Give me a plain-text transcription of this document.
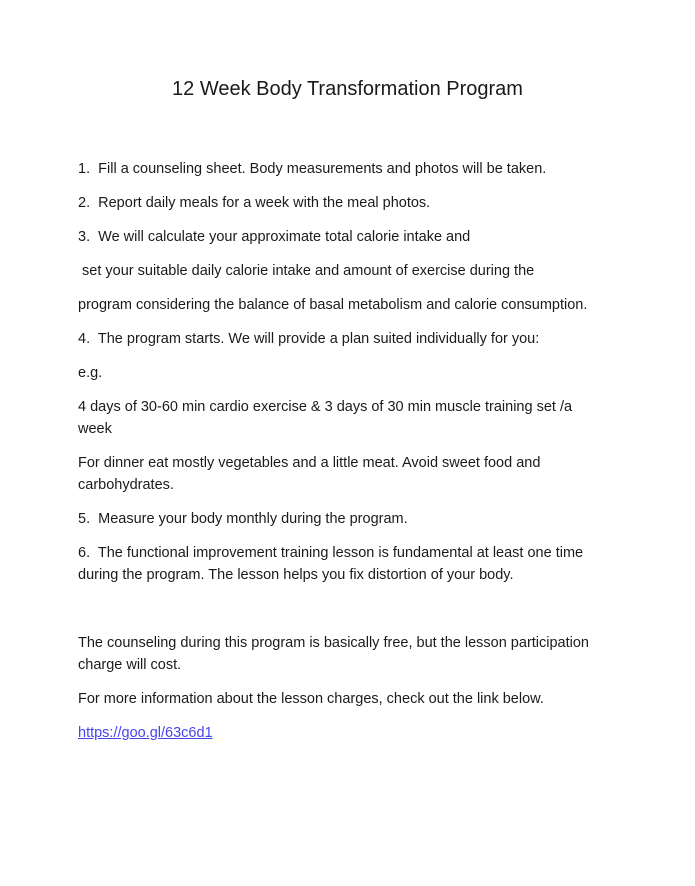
12 Week Body Transformation Program

1.  Fill a counseling sheet. Body measurements and photos will be taken.

2.  Report daily meals for a week with the meal photos.

3.  We will calculate your approximate total calorie intake and

set your suitable daily calorie intake and amount of exercise during the

program considering the balance of basal metabolism and calorie consumption.

4.  The program starts. We will provide a plan suited individually for you:

e.g.

4 days of 30-60 min cardio exercise & 3 days of 30 min muscle training set /a
week

For dinner eat mostly vegetables and a little meat. Avoid sweet food and
carbohydrates.

5.  Measure your body monthly during the program.

6.  The functional improvement training lesson is fundamental at least one time
during the program. The lesson helps you fix distortion of your body.

The counseling during this program is basically free, but the lesson participation
charge will cost.

For more information about the lesson charges, check out the link below.

https://goo.gl/63c6d1
